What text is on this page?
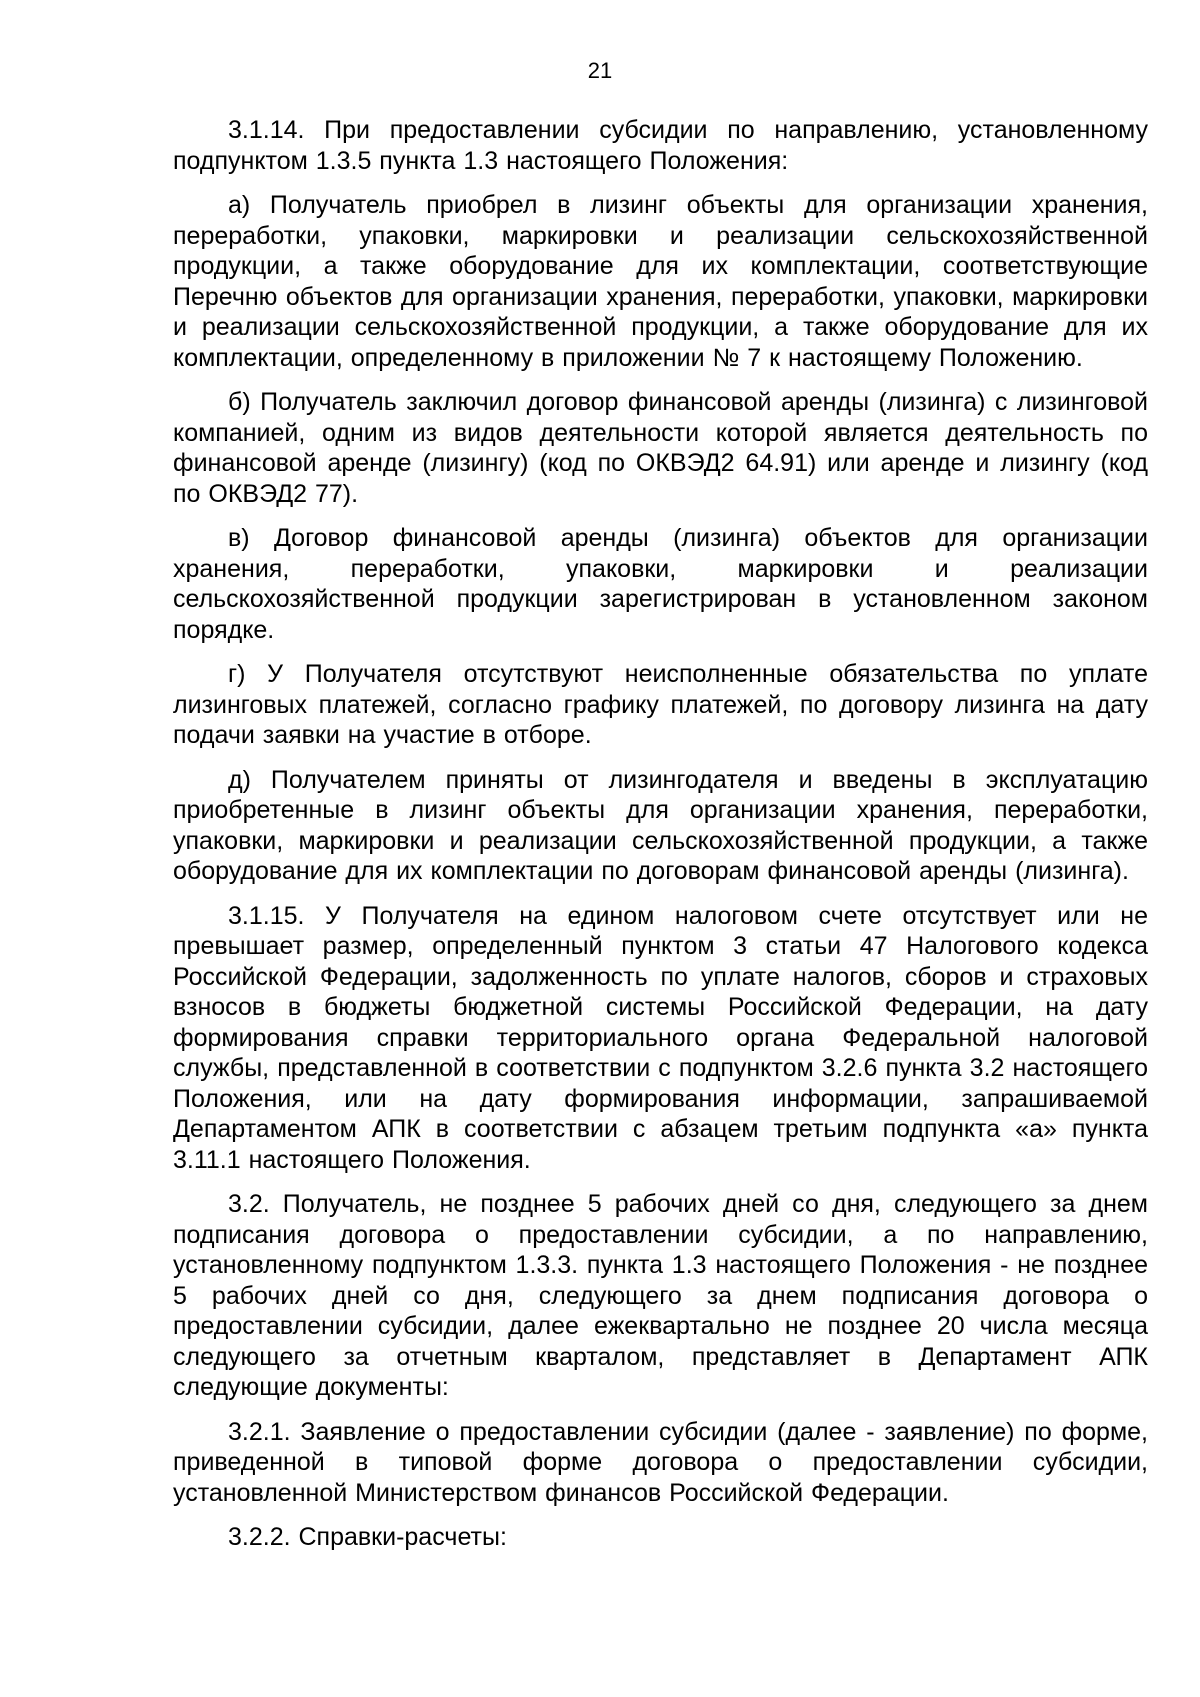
21

3.1.14. При предоставлении субсидии по направлению, установленному подпунктом 1.3.5 пункта 1.3 настоящего Положения:

а) Получатель приобрел в лизинг объекты для организации хранения, переработки, упаковки, маркировки и реализации сельскохозяйственной продукции, а также оборудование для их комплектации, соответствующие Перечню объектов для организации хранения, переработки, упаковки, маркировки и реализации сельскохозяйственной продукции, а также оборудование для их комплектации, определенному в приложении № 7 к настоящему Положению.

б) Получатель заключил договор финансовой аренды (лизинга) с лизинговой компанией, одним из видов деятельности которой является деятельность по финансовой аренде (лизингу) (код по ОКВЭД2 64.91) или аренде и лизингу (код по ОКВЭД2 77).

в) Договор финансовой аренды (лизинга) объектов для организации хранения, переработки, упаковки, маркировки и реализации сельскохозяйственной продукции зарегистрирован в установленном законом порядке.

г) У Получателя отсутствуют неисполненные обязательства по уплате лизинговых платежей, согласно графику платежей, по договору лизинга на дату подачи заявки на участие в отборе.

д) Получателем приняты от лизингодателя и введены в эксплуатацию приобретенные в лизинг объекты для организации хранения, переработки, упаковки, маркировки и реализации сельскохозяйственной продукции, а также оборудование для их комплектации по договорам финансовой аренды (лизинга).

3.1.15. У Получателя на едином налоговом счете отсутствует или не превышает размер, определенный пунктом 3 статьи 47 Налогового кодекса Российской Федерации, задолженность по уплате налогов, сборов и страховых взносов в бюджеты бюджетной системы Российской Федерации, на дату формирования справки территориального органа Федеральной налоговой службы, представленной в соответствии с подпунктом 3.2.6 пункта 3.2 настоящего Положения, или на дату формирования информации, запрашиваемой Департаментом АПК в соответствии с абзацем третьим подпункта «а» пункта 3.11.1 настоящего Положения.

3.2. Получатель, не позднее 5 рабочих дней со дня, следующего за днем подписания договора о предоставлении субсидии, а по направлению, установленному подпунктом 1.3.3. пункта 1.3 настоящего Положения - не позднее 5 рабочих дней со дня, следующего за днем подписания договора о предоставлении субсидии, далее ежеквартально не позднее 20 числа месяца следующего за отчетным кварталом, представляет в Департамент АПК следующие документы:

3.2.1. Заявление о предоставлении субсидии (далее - заявление) по форме, приведенной в типовой форме договора о предоставлении субсидии, установленной Министерством финансов Российской Федерации.

3.2.2. Справки-расчеты:
